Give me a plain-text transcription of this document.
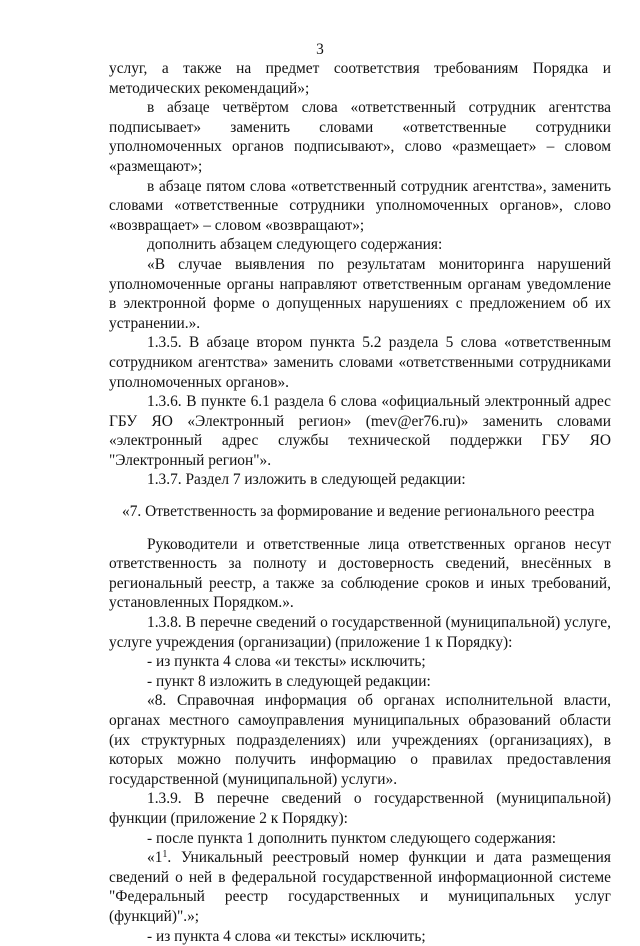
3

услуг, а также на предмет соответствия требованиям Порядка и методических рекомендаций»;

в абзаце четвёртом слова «ответственный сотрудник агентства подписывает» заменить словами «ответственные сотрудники уполномоченных органов подписывают», слово «размещает» – словом «размещают»;

в абзаце пятом слова «ответственный сотрудник агентства», заменить словами «ответственные сотрудники уполномоченных органов», слово «возвращает» – словом «возвращают»;

дополнить абзацем следующего содержания:

«В случае выявления по результатам мониторинга нарушений уполномоченные органы направляют ответственным органам уведомление в электронной форме о допущенных нарушениях с предложением об их устранении.».

1.3.5. В абзаце втором пункта 5.2 раздела 5 слова «ответственным сотрудником агентства» заменить словами «ответственными сотрудниками уполномоченных органов».

1.3.6. В пункте 6.1 раздела 6 слова «официальный электронный адрес ГБУ ЯО «Электронный регион» (mev@er76.ru)» заменить словами «электронный адрес службы технической поддержки ГБУ ЯО "Электронный регион"».

1.3.7. Раздел 7 изложить в следующей редакции:

«7. Ответственность за формирование и ведение регионального реестра

Руководители и ответственные лица ответственных органов несут ответственность за полноту и достоверность сведений, внесённых в региональный реестр, а также за соблюдение сроков и иных требований, установленных Порядком.».

1.3.8. В перечне сведений о государственной (муниципальной) услуге, услуге учреждения (организации) (приложение 1 к Порядку):

- из пункта 4 слова «и тексты» исключить;

- пункт 8 изложить в следующей редакции:

«8. Справочная информация об органах исполнительной власти, органах местного самоуправления муниципальных образований области (их структурных подразделениях) или учреждениях (организациях), в которых можно получить информацию о правилах предоставления государственной (муниципальной) услуги».

1.3.9. В перечне сведений о государственной (муниципальной) функции (приложение 2 к Порядку):

- после пункта 1 дополнить пунктом следующего содержания:

«$1^1$. Уникальный реестровый номер функции и дата размещения сведений о ней в федеральной государственной информационной системе "Федеральный реестр государственных и муниципальных услуг (функций)".»;

- из пункта 4 слова «и тексты» исключить;
